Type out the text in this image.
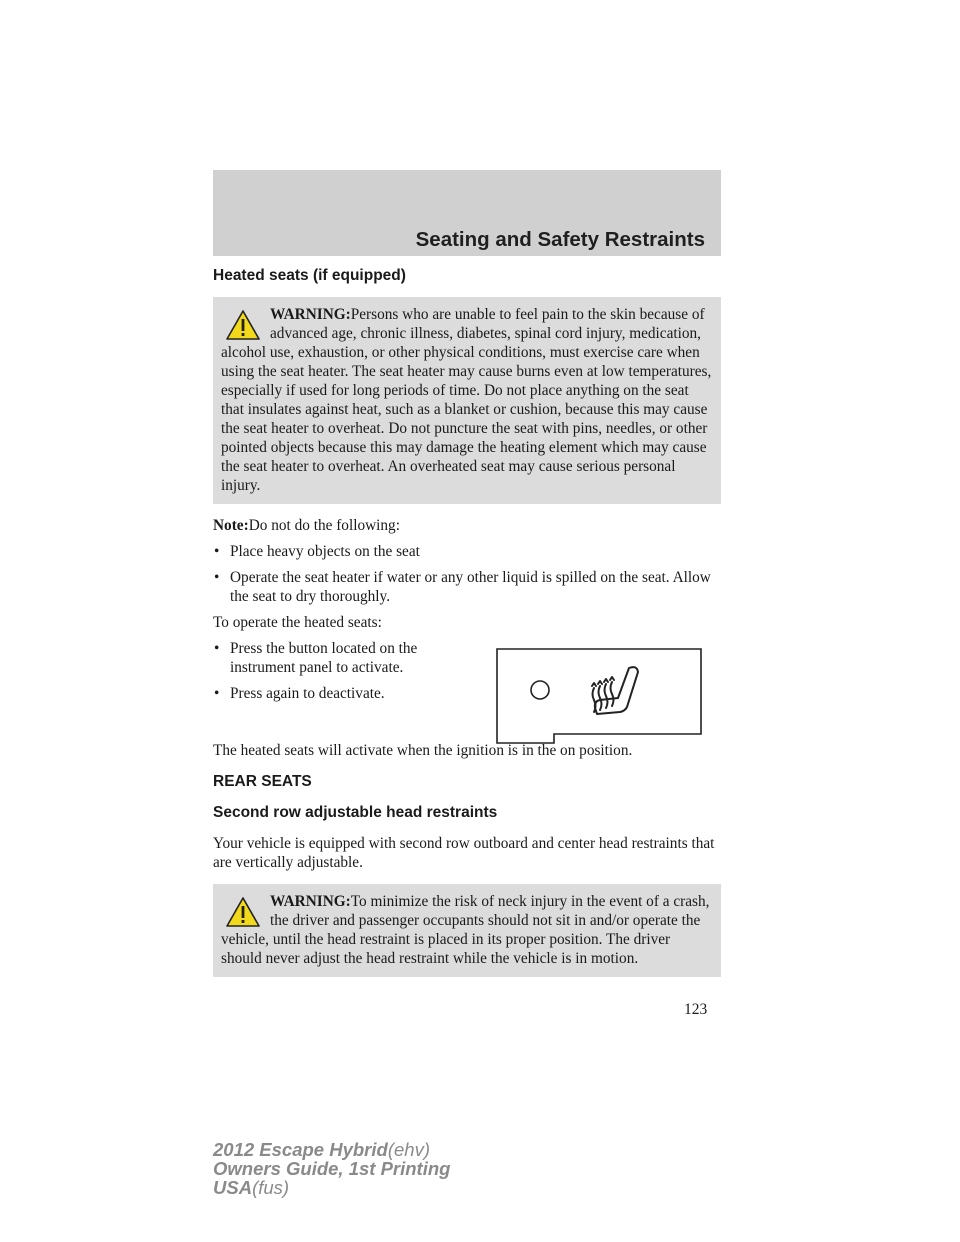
Seating and Safety Restraints
Heated seats (if equipped)

WARNING:Persons who are unable to feel pain to the skin because of advanced age, chronic illness, diabetes, spinal cord injury, medication, alcohol use, exhaustion, or other physical conditions, must exercise care when using the seat heater. The seat heater may cause burns even at low temperatures, especially if used for long periods of time. Do not place anything on the seat that insulates against heat, such as a blanket or cushion, because this may cause the seat heater to overheat. Do not puncture the seat with pins, needles, or other pointed objects because this may damage the heating element which may cause the seat heater to overheat. An overheated seat may cause serious personal injury.

Note:Do not do the following:

• Place heavy objects on the seat
• Operate the seat heater if water or any other liquid is spilled on the seat. Allow the seat to dry thoroughly.

To operate the heated seats:

• Press the button located on the instrument panel to activate.
• Press again to deactivate.

The heated seats will activate when the ignition is in the on position.

REAR SEATS
Second row adjustable head restraints

Your vehicle is equipped with second row outboard and center head restraints that are vertically adjustable.

WARNING:To minimize the risk of neck injury in the event of a crash, the driver and passenger occupants should not sit in and/or operate the vehicle, until the head restraint is placed in its proper position. The driver should never adjust the head restraint while the vehicle is in motion.

123
2012 Escape Hybrid(ehv)
Owners Guide, 1st Printing
USA(fus)
